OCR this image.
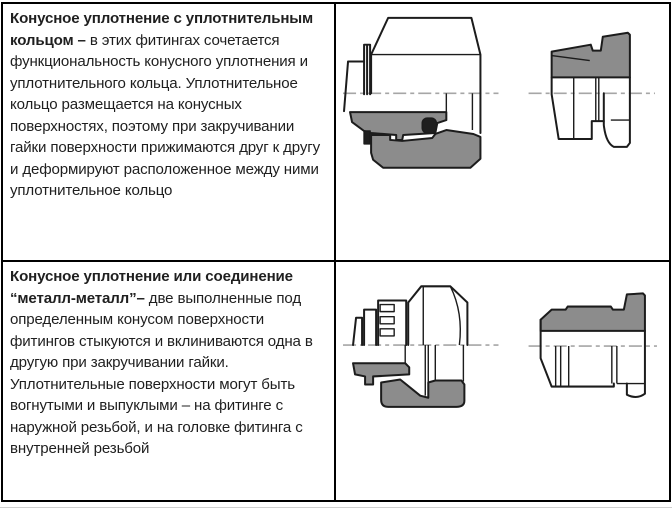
Конусное уплотнение с уплотнительным кольцом – в этих фитингах сочетается функциональность конусного уплотнения и уплотнительного кольца. Уплотнительное кольцо размещается на конусных поверхностях, поэтому при закручивании гайки поверхности прижимаются друг к другу и деформируют расположенное между ними уплотнительное кольцо

Конусное уплотнение или соединение “металл-металл”– две выполненные под определенным конусом поверхности фитингов стыкуются и вклиниваются одна в другую при закручивании гайки. Уплотнительные поверхности могут быть вогнутыми и выпуклыми – на фитинге с наружной резьбой, и на головке фитинга с внутренней резьбой
